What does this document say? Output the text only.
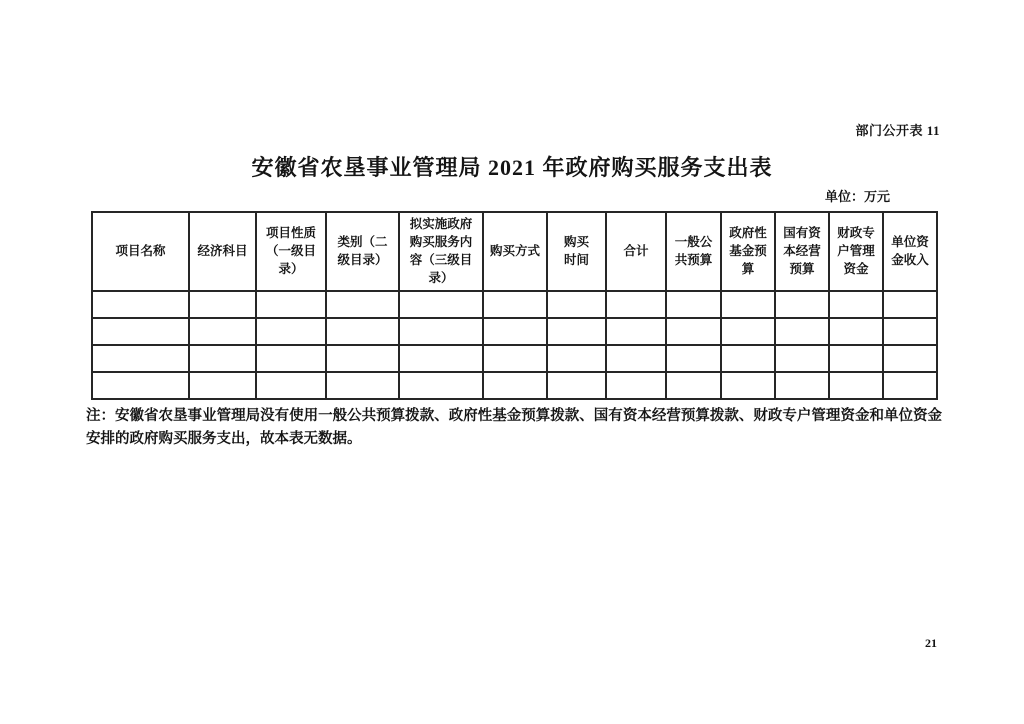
部门公开表 11
安徽省农垦事业管理局 2021 年政府购买服务支出表
单位：万元
项目名称	经济科目	项目性质（一级目录）	类别（二级目录）	拟实施政府购买服务内容（三级目录）	购买方式	购买时间	合计	一般公共预算	政府性基金预算	国有资本经营预算	财政专户管理资金	单位资金收入

注：安徽省农垦事业管理局没有使用一般公共预算拨款、政府性基金预算拨款、国有资本经营预算拨款、财政专户管理资金和单位资金安排的政府购买服务支出，故本表无数据。

21
